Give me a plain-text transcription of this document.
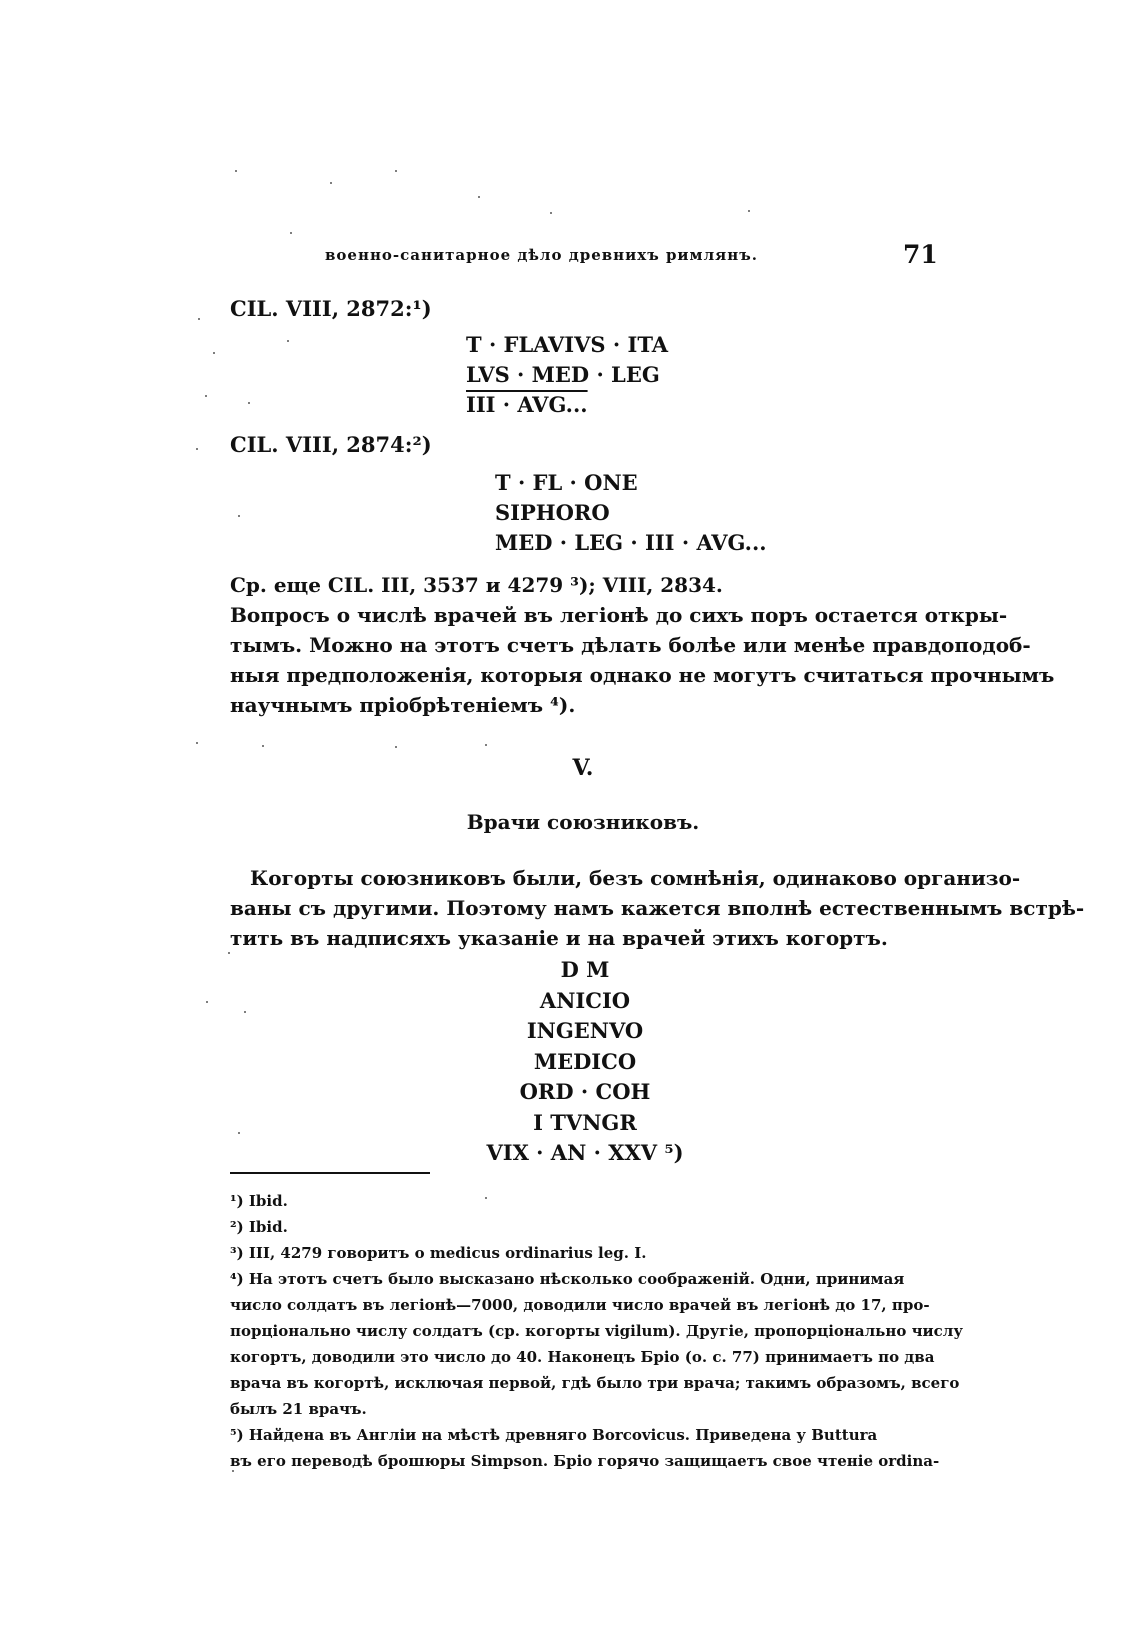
военно-санитарное дѣло древнихъ римлянъ.	71
CIL. VIII, 2872:¹)
T · FLAVIVS · ITA
LVS · MED · LEG
III · AVG...
CIL. VIII, 2874:²)
T · FL · ONE
SIPHORO
MED · LEG · III · AVG...
Ср. еще CIL. III, 3537 и 4279 ³); VIII, 2834.
Вопросъ о числѣ врачей въ легіонѣ до сихъ поръ остается откры-
тымъ. Можно на этотъ счетъ дѣлать болѣе или менѣе правдоподоб-
ныя предположенія, которыя однако не могутъ считаться прочнымъ
научнымъ пріобрѣтеніемъ ⁴).
V.
Врачи союзниковъ.
Когорты союзниковъ были, безъ сомнѣнія, одинаково организо-
ваны съ другими. Поэтому намъ кажется вполнѣ естественнымъ встрѣ-
тить въ надписяхъ указаніе и на врачей этихъ когортъ.
D M
ANICIO
INGENVO
MEDICO
ORD · COH
I TVNGR
VIX · AN · XXV ⁵)
¹) Ibid.
²) Ibid.
³) III, 4279 говоритъ о medicus ordinarius leg. I.
⁴) На этотъ счетъ было высказано нѣсколько соображеній. Одни, принимая
число солдатъ въ легіонѣ—7000, доводили число врачей въ легіонѣ до 17, про-
порціонально числу солдатъ (ср. когорты vigilum). Другіе, пропорціонально числу
когортъ, доводили это число до 40. Наконецъ Бріо (о. с. 77) принимаетъ по два
врача въ когортѣ, исключая первой, гдѣ было три врача; такимъ образомъ, всего
былъ 21 врачъ.
⁵) Найдена въ Англіи на мѣстѣ древняго Borcovicus. Приведена у Buttura
въ его переводѣ брошюры Simpson. Бріо горячо защищаетъ свое чтеніе ordina-
